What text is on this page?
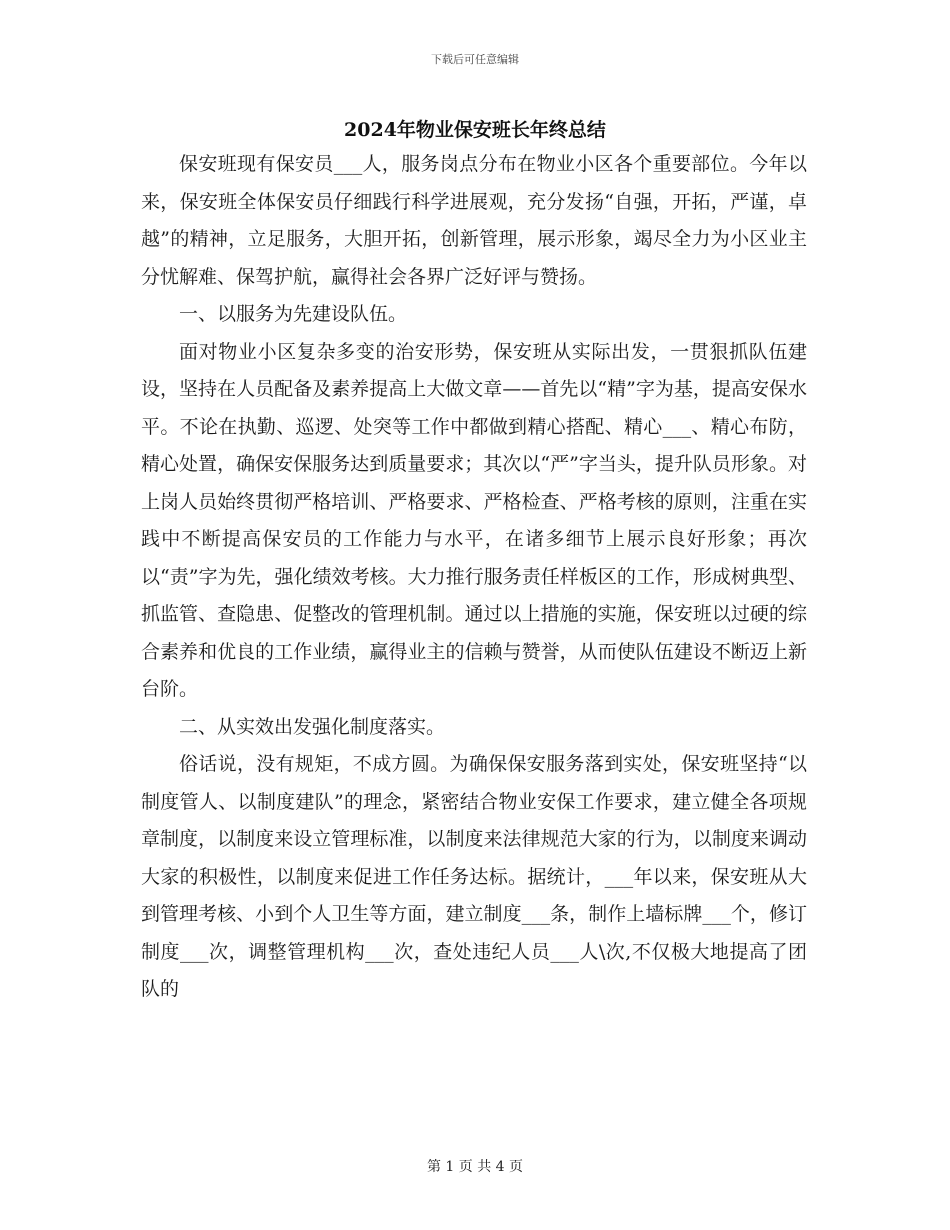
下载后可任意编辑
2024年物业保安班长年终总结

保安班现有保安员___人，服务岗点分布在物业小区各个重要部位。今年以来，保安班全体保安员仔细践行科学进展观，充分发扬“自强，开拓，严谨，卓越”的精神，立足服务，大胆开拓，创新管理，展示形象，竭尽全力为小区业主分忧解难、保驾护航，赢得社会各界广泛好评与赞扬。

一、以服务为先建设队伍。

面对物业小区复杂多变的治安形势，保安班从实际出发，一贯狠抓队伍建设，坚持在人员配备及素养提高上大做文章——首先以“精”字为基，提高安保水平。不论在执勤、巡逻、处突等工作中都做到精心搭配、精心___、精心布防，精心处置，确保安保服务达到质量要求；其次以“严”字当头，提升队员形象。对上岗人员始终贯彻严格培训、严格要求、严格检查、严格考核的原则，注重在实践中不断提高保安员的工作能力与水平，在诸多细节上展示良好形象；再次以“责”字为先，强化绩效考核。大力推行服务责任样板区的工作，形成树典型、抓监管、查隐患、促整改的管理机制。通过以上措施的实施，保安班以过硬的综合素养和优良的工作业绩，赢得业主的信赖与赞誉，从而使队伍建设不断迈上新台阶。

二、从实效出发强化制度落实。

俗话说，没有规矩，不成方圆。为确保保安服务落到实处，保安班坚持“以制度管人、以制度建队”的理念，紧密结合物业安保工作要求，建立健全各项规章制度，以制度来设立管理标准，以制度来法律规范大家的行为，以制度来调动大家的积极性，以制度来促进工作任务达标。据统计，___年以来，保安班从大到管理考核、小到个人卫生等方面，建立制度___条，制作上墙标牌___个，修订制度___次，调整管理机构___次，查处违纪人员___人\次,不仅极大地提高了团队的

第 1 页 共 4 页
